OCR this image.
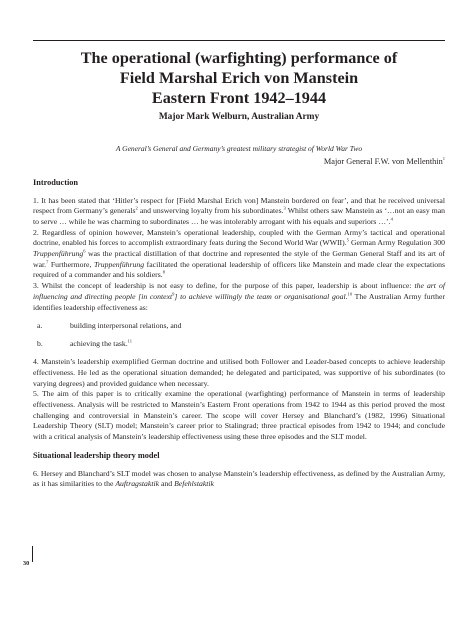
The operational (warfighting) performance of
Field Marshal Erich von Manstein
Eastern Front 1942–1944
Major Mark Welburn, Australian Army
A General’s General and Germany’s greatest military strategist of World War Two
Major General F.W. von Mellenthin$^1$
Introduction

1. It has been stated that ‘Hitler’s respect for [Field Marshal Erich von] Manstein bordered on fear’, and that he received universal respect from Germany’s generals$^2$ and unswerving loyalty from his subordinates.$^3$ Whilst others saw Manstein as ‘…not an easy man to serve … while he was charming to subordinates … he was intolerably arrogant with his equals and superiors …’.$^4$

2. Regardless of opinion however, Manstein’s operational leadership, coupled with the German Army’s tactical and operational doctrine, enabled his forces to accomplish extraordinary feats during the Second World War (WWII).$^5$ German Army Regulation 300 Truppenführung$^6$ was the practical distillation of that doctrine and represented the style of the German General Staff and its art of war.$^7$ Furthermore, Truppenführung facilitated the operational leadership of officers like Manstein and made clear the expectations required of a commander and his soldiers.$^8$

3. Whilst the concept of leadership is not easy to define, for the purpose of this paper, leadership is about influence: the art of influencing and directing people [in context$^9$] to achieve willingly the team or organisational goal.$^{10}$ The Australian Army further identifies leadership effectiveness as:

a.	building interpersonal relations, and
b.	achieving the task.$^{11}$

4. Manstein’s leadership exemplified German doctrine and utilised both Follower and Leader-based concepts to achieve leadership effectiveness. He led as the operational situation demanded; he delegated and participated, was supportive of his subordinates (to varying degrees) and provided guidance when necessary.

5. The aim of this paper is to critically examine the operational (warfighting) performance of Manstein in terms of leadership effectiveness. Analysis will be restricted to Manstein’s Eastern Front operations from 1942 to 1944 as this period proved the most challenging and controversial in Manstein’s career. The scope will cover Hersey and Blanchard’s (1982, 1996) Situational Leadership Theory (SLT) model; Manstein’s career prior to Stalingrad; three practical episodes from 1942 to 1944; and conclude with a critical analysis of Manstein’s leadership effectiveness using these three episodes and the SLT model.

Situational leadership theory model

6. Hersey and Blanchard’s SLT model was chosen to analyse Manstein’s leadership effectiveness, as defined by the Australian Army, as it has similarities to the Auftragstaktik and Befehlstaktik

30
